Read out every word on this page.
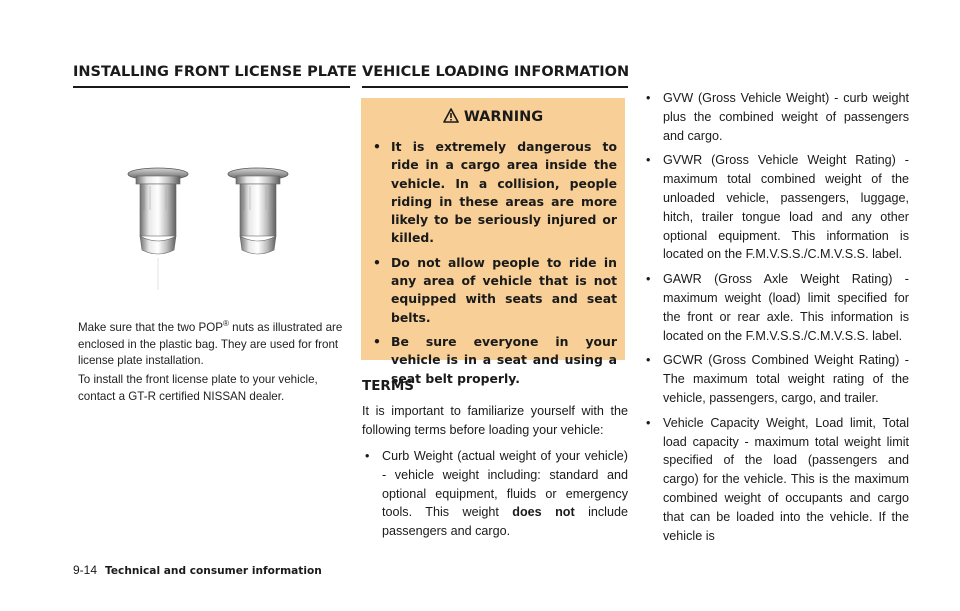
INSTALLING FRONT LICENSE PLATE

Make sure that the two POP® nuts as illustrated are enclosed in the plastic bag. They are used for front license plate installation.

To install the front license plate to your vehicle, contact a GT-R certified NISSAN dealer.

VEHICLE LOADING INFORMATION
WARNING
• It is extremely dangerous to ride in a cargo area inside the vehicle. In a collision, people riding in these areas are more likely to be seriously injured or killed.
• Do not allow people to ride in any area of vehicle that is not equipped with seats and seat belts.
• Be sure everyone in your vehicle is in a seat and using a seat belt properly.
TERMS

It is important to familiarize yourself with the following terms before loading your vehicle:

• Curb Weight (actual weight of your vehicle) - vehicle weight including: standard and optional equipment, fluids or emergency tools. This weight does not include passengers and cargo.
• GVW (Gross Vehicle Weight) - curb weight plus the combined weight of passengers and cargo.
• GVWR (Gross Vehicle Weight Rating) - maximum total combined weight of the unloaded vehicle, passengers, luggage, hitch, trailer tongue load and any other optional equipment. This information is located on the F.M.V.S.S./C.M.V.S.S. label.
• GAWR (Gross Axle Weight Rating) - maximum weight (load) limit specified for the front or rear axle. This information is located on the F.M.V.S.S./C.M.V.S.S. label.
• GCWR (Gross Combined Weight Rating) - The maximum total weight rating of the vehicle, passengers, cargo, and trailer.
• Vehicle Capacity Weight, Load limit, Total load capacity - maximum total weight limit specified of the load (passengers and cargo) for the vehicle. This is the maximum combined weight of occupants and cargo that can be loaded into the vehicle. If the vehicle is
9-14 Technical and consumer information
